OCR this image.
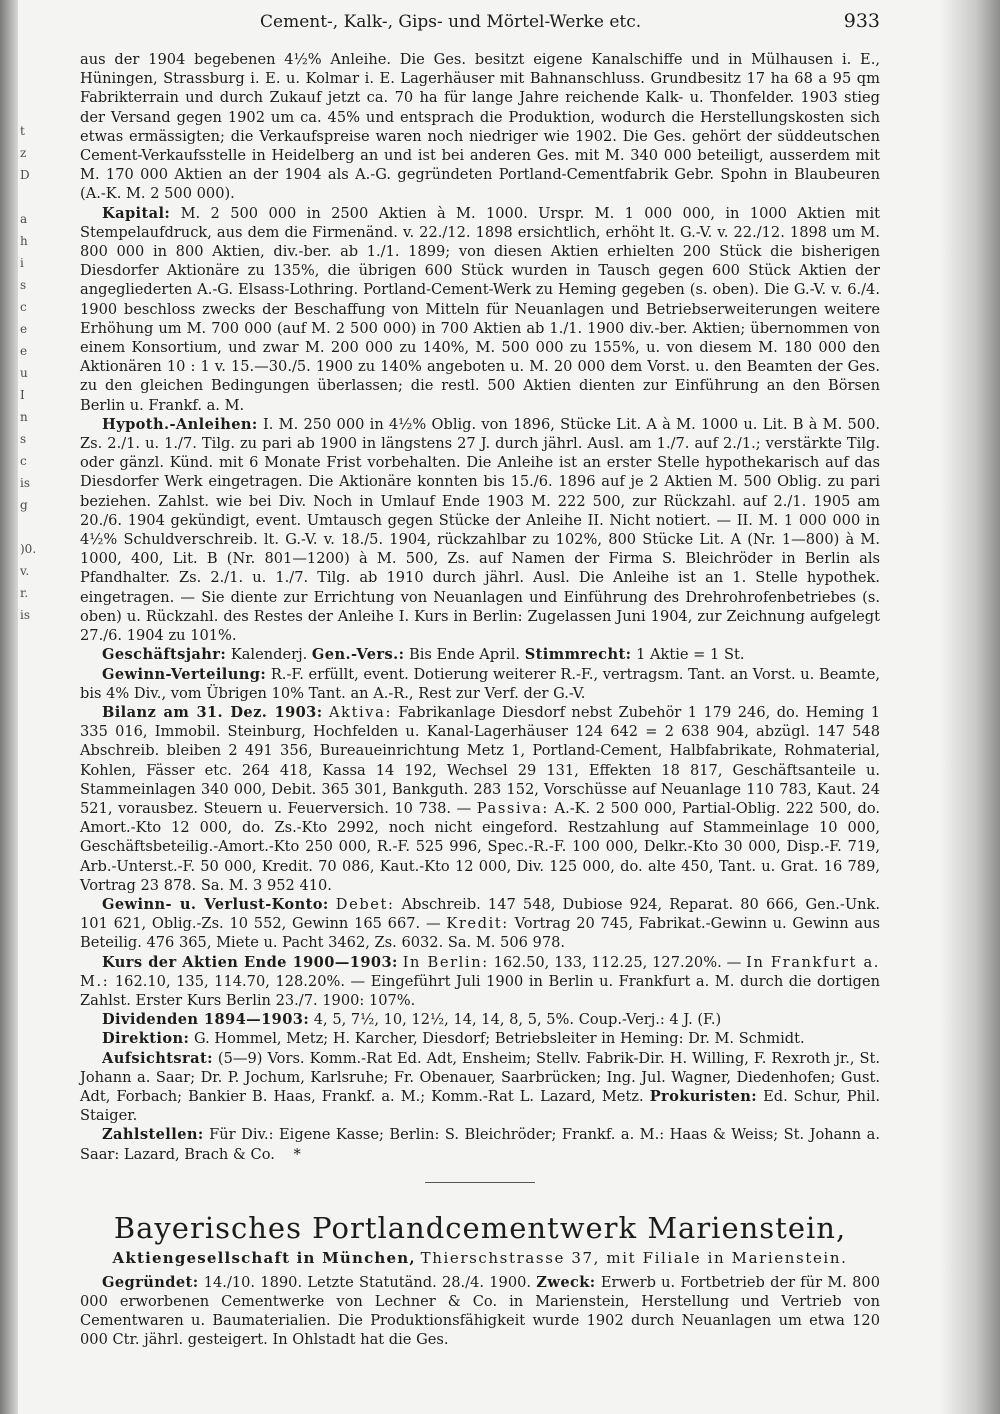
t
z
D

a
h
i
s
c
e
e
u
I
n
s
c
is
g

)0.
v.
r.
is
Cement-, Kalk-, Gips- und Mörtel-Werke etc.	933

aus der 1904 begebenen 4½% Anleihe. Die Ges. besitzt eigene Kanalschiffe und in Mülhausen i. E., Hüningen, Strassburg i. E. u. Kolmar i. E. Lagerhäuser mit Bahnanschluss. Grundbesitz 17 ha 68 a 95 qm Fabrikterrain und durch Zukauf jetzt ca. 70 ha für lange Jahre reichende Kalk- u. Thonfelder. 1903 stieg der Versand gegen 1902 um ca. 45% und entsprach die Produktion, wodurch die Herstellungskosten sich etwas ermässigten; die Verkaufspreise waren noch niedriger wie 1902. Die Ges. gehört der süddeutschen Cement-Verkaufsstelle in Heidelberg an und ist bei anderen Ges. mit M. 340 000 beteiligt, ausserdem mit M. 170 000 Aktien an der 1904 als A.-G. gegründeten Portland-Cementfabrik Gebr. Spohn in Blaubeuren (A.-K. M. 2 500 000).

Kapital: M. 2 500 000 in 2500 Aktien à M. 1000. Urspr. M. 1 000 000, in 1000 Aktien mit Stempelaufdruck, aus dem die Firmenänd. v. 22./12. 1898 ersichtlich, erhöht lt. G.-V. v. 22./12. 1898 um M. 800 000 in 800 Aktien, div.-ber. ab 1./1. 1899; von diesen Aktien erhielten 200 Stück die bisherigen Diesdorfer Aktionäre zu 135%, die übrigen 600 Stück wurden in Tausch gegen 600 Stück Aktien der angegliederten A.-G. Elsass-Lothring. Portland-Cement-Werk zu Heming gegeben (s. oben). Die G.-V. v. 6./4. 1900 beschloss zwecks der Beschaffung von Mitteln für Neuanlagen und Betriebserweiterungen weitere Erhöhung um M. 700 000 (auf M. 2 500 000) in 700 Aktien ab 1./1. 1900 div.-ber. Aktien; übernommen von einem Konsortium, und zwar M. 200 000 zu 140%, M. 500 000 zu 155%, u. von diesem M. 180 000 den Aktionären 10 : 1 v. 15.—30./5. 1900 zu 140% angeboten u. M. 20 000 dem Vorst. u. den Beamten der Ges. zu den gleichen Bedingungen überlassen; die restl. 500 Aktien dienten zur Einführung an den Börsen Berlin u. Frankf. a. M.

Hypoth.-Anleihen: I. M. 250 000 in 4½% Oblig. von 1896, Stücke Lit. A à M. 1000 u. Lit. B à M. 500. Zs. 2./1. u. 1./7. Tilg. zu pari ab 1900 in längstens 27 J. durch jährl. Ausl. am 1./7. auf 2./1.; verstärkte Tilg. oder gänzl. Künd. mit 6 Monate Frist vorbehalten. Die Anleihe ist an erster Stelle hypothekarisch auf das Diesdorfer Werk eingetragen. Die Aktionäre konnten bis 15./6. 1896 auf je 2 Aktien M. 500 Oblig. zu pari beziehen. Zahlst. wie bei Div. Noch in Umlauf Ende 1903 M. 222 500, zur Rückzahl. auf 2./1. 1905 am 20./6. 1904 gekündigt, event. Umtausch gegen Stücke der Anleihe II. Nicht notiert. — II. M. 1 000 000 in 4½% Schuldverschreib. lt. G.-V. v. 18./5. 1904, rückzahlbar zu 102%, 800 Stücke Lit. A (Nr. 1—800) à M. 1000, 400, Lit. B (Nr. 801—1200) à M. 500, Zs. auf Namen der Firma S. Bleichröder in Berlin als Pfandhalter. Zs. 2./1. u. 1./7. Tilg. ab 1910 durch jährl. Ausl. Die Anleihe ist an 1. Stelle hypothek. eingetragen. — Sie diente zur Errichtung von Neuanlagen und Einführung des Drehrohrofenbetriebes (s. oben) u. Rückzahl. des Restes der Anleihe I. Kurs in Berlin: Zugelassen Juni 1904, zur Zeichnung aufgelegt 27./6. 1904 zu 101%.

Geschäftsjahr: Kalenderj. Gen.-Vers.: Bis Ende April. Stimmrecht: 1 Aktie = 1 St.

Gewinn-Verteilung: R.-F. erfüllt, event. Dotierung weiterer R.-F., vertragsm. Tant. an Vorst. u. Beamte, bis 4% Div., vom Übrigen 10% Tant. an A.-R., Rest zur Verf. der G.-V.

Bilanz am 31. Dez. 1903: Aktiva: Fabrikanlage Diesdorf nebst Zubehör 1 179 246, do. Heming 1 335 016, Immobil. Steinburg, Hochfelden u. Kanal-Lagerhäuser 124 642 = 2 638 904, abzügl. 147 548 Abschreib. bleiben 2 491 356, Bureaueinrichtung Metz 1, Portland-Cement, Halbfabrikate, Rohmaterial, Kohlen, Fässer etc. 264 418, Kassa 14 192, Wechsel 29 131, Effekten 18 817, Geschäftsanteile u. Stammeinlagen 340 000, Debit. 365 301, Bankguth. 283 152, Vorschüsse auf Neuanlage 110 783, Kaut. 24 521, vorausbez. Steuern u. Feuerversich. 10 738. — Passiva: A.-K. 2 500 000, Partial-Oblig. 222 500, do. Amort.-Kto 12 000, do. Zs.-Kto 2992, noch nicht eingeford. Restzahlung auf Stammeinlage 10 000, Geschäftsbeteilig.-Amort.-Kto 250 000, R.-F. 525 996, Spec.-R.-F. 100 000, Delkr.-Kto 30 000, Disp.-F. 719, Arb.-Unterst.-F. 50 000, Kredit. 70 086, Kaut.-Kto 12 000, Div. 125 000, do. alte 450, Tant. u. Grat. 16 789, Vortrag 23 878. Sa. M. 3 952 410.

Gewinn- u. Verlust-Konto: Debet: Abschreib. 147 548, Dubiose 924, Reparat. 80 666, Gen.-Unk. 101 621, Oblig.-Zs. 10 552, Gewinn 165 667. — Kredit: Vortrag 20 745, Fabrikat.-Gewinn u. Gewinn aus Beteilig. 476 365, Miete u. Pacht 3462, Zs. 6032. Sa. M. 506 978.

Kurs der Aktien Ende 1900—1903: In Berlin: 162.50, 133, 112.25, 127.20%. — In Frankfurt a. M.: 162.10, 135, 114.70, 128.20%. — Eingeführt Juli 1900 in Berlin u. Frankfurt a. M. durch die dortigen Zahlst. Erster Kurs Berlin 23./7. 1900: 107%.

Dividenden 1894—1903: 4, 5, 7½, 10, 12½, 14, 14, 8, 5, 5%. Coup.-Verj.: 4 J. (F.)

Direktion: G. Hommel, Metz; H. Karcher, Diesdorf; Betriebsleiter in Heming: Dr. M. Schmidt.

Aufsichtsrat: (5—9) Vors. Komm.-Rat Ed. Adt, Ensheim; Stellv. Fabrik-Dir. H. Willing, F. Rexroth jr., St. Johann a. Saar; Dr. P. Jochum, Karlsruhe; Fr. Obenauer, Saarbrücken; Ing. Jul. Wagner, Diedenhofen; Gust. Adt, Forbach; Bankier B. Haas, Frankf. a. M.; Komm.-Rat L. Lazard, Metz. Prokuristen: Ed. Schur, Phil. Staiger.

Zahlstellen: Für Div.: Eigene Kasse; Berlin: S. Bleichröder; Frankf. a. M.: Haas & Weiss; St. Johann a. Saar: Lazard, Brach & Co. *

Bayerisches Portlandcementwerk Marienstein,
Aktiengesellschaft in München, Thierschstrasse 37, mit Filiale in Marienstein.

Gegründet: 14./10. 1890. Letzte Statutänd. 28./4. 1900. Zweck: Erwerb u. Fortbetrieb der für M. 800 000 erworbenen Cementwerke von Lechner & Co. in Marienstein, Herstellung und Vertrieb von Cementwaren u. Baumaterialien. Die Produktionsfähigkeit wurde 1902 durch Neuanlagen um etwa 120 000 Ctr. jährl. gesteigert. In Ohlstadt hat die Ges.
